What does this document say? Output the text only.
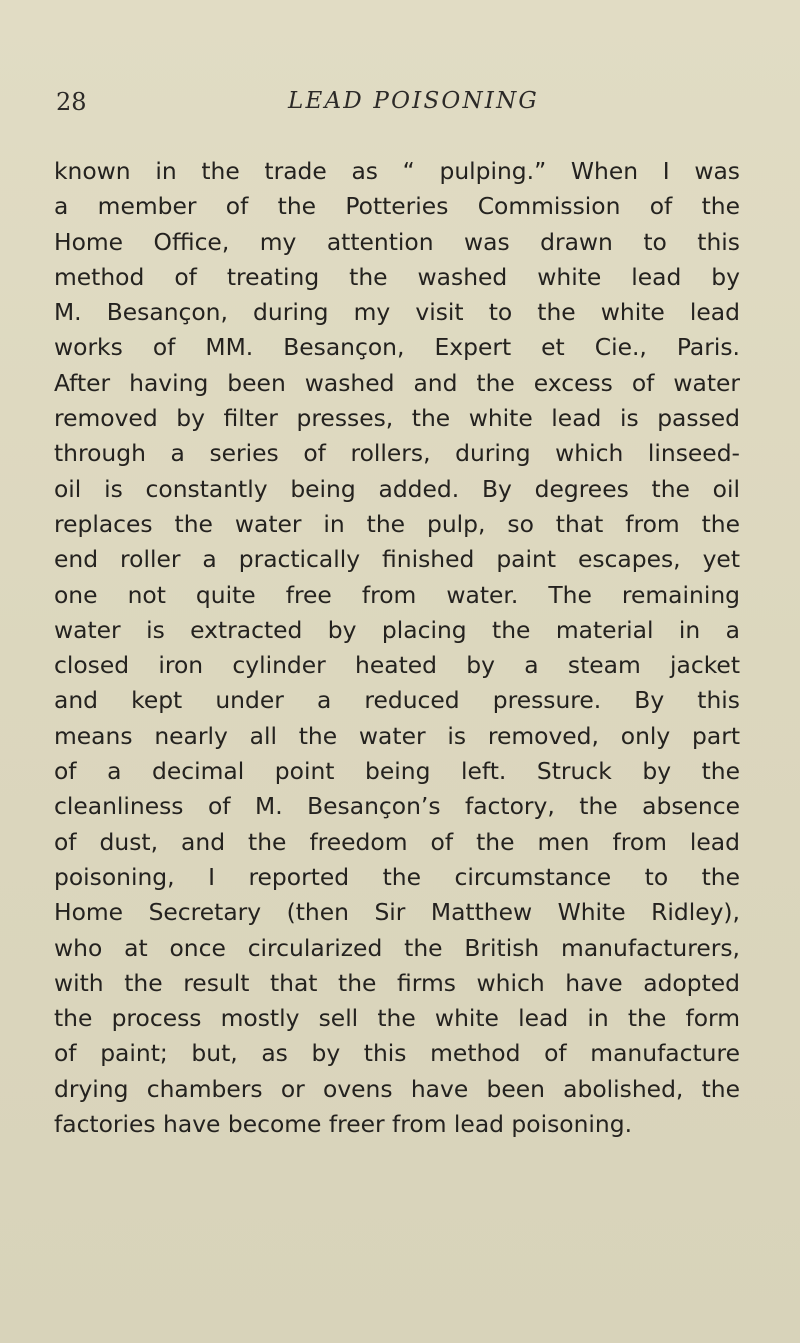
28	LEAD POISONING
known in the trade as “ pulping.” When I was
a member of the Potteries Commission of the
Home Office, my attention was drawn to this
method of treating the washed white lead by
M. Besançon, during my visit to the white lead
works of MM. Besançon, Expert et Cie., Paris.
After having been washed and the excess of water
removed by filter presses, the white lead is passed
through a series of rollers, during which linseed-
oil is constantly being added. By degrees the oil
replaces the water in the pulp, so that from the
end roller a practically finished paint escapes, yet
one not quite free from water. The remaining
water is extracted by placing the material in a
closed iron cylinder heated by a steam jacket
and kept under a reduced pressure. By this
means nearly all the water is removed, only part
of a decimal point being left. Struck by the
cleanliness of M. Besançon’s factory, the absence
of dust, and the freedom of the men from lead
poisoning, I reported the circumstance to the
Home Secretary (then Sir Matthew White Ridley),
who at once circularized the British manufacturers,
with the result that the firms which have adopted
the process mostly sell the white lead in the form
of paint; but, as by this method of manufacture
drying chambers or ovens have been abolished, the
factories have become freer from lead poisoning.
